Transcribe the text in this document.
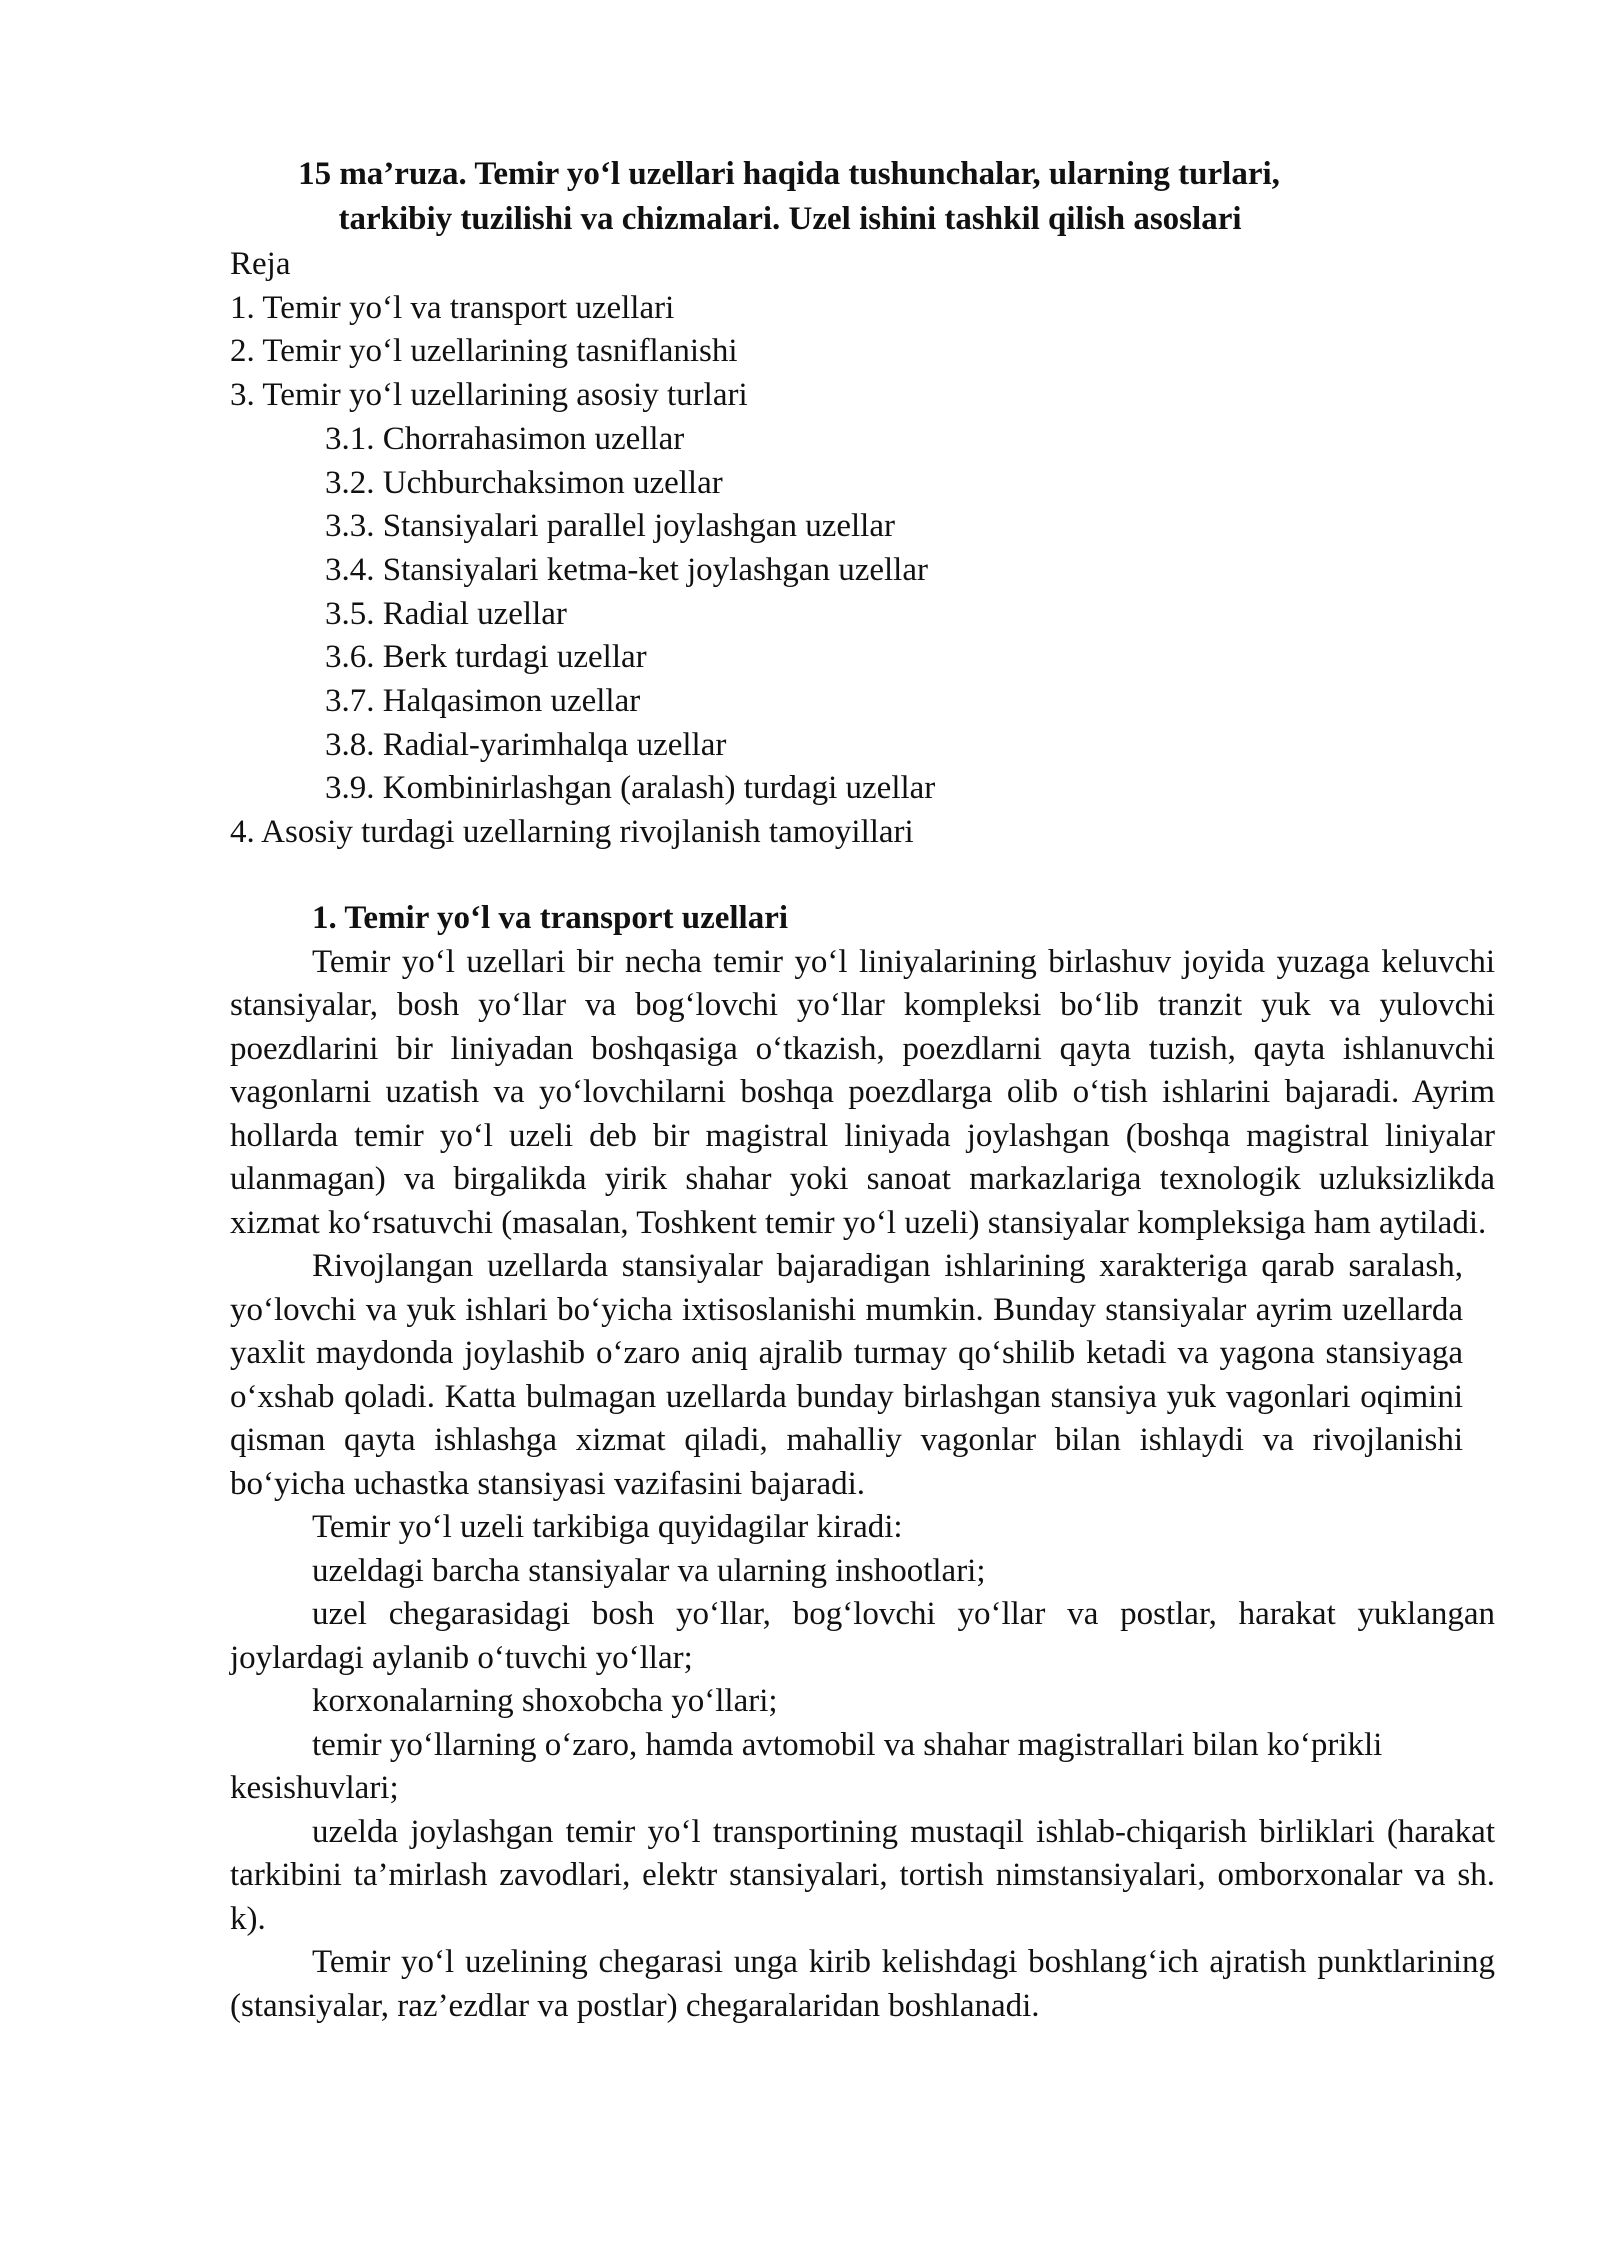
15 ma’ruza. Temir yo‘l uzellari haqida tushunchalar, ularning turlari,
tarkibiy tuzilishi va chizmalari. Uzel ishini tashkil qilish asoslari
Reja
1. Temir yo‘l va transport uzellari
2. Temir yo‘l uzellarining tasniflanishi
3. Temir yo‘l uzellarining asosiy turlari
3.1. Chorrahasimon uzellar
3.2. Uchburchaksimon uzellar
3.3. Stansiyalari parallel joylashgan uzellar
3.4. Stansiyalari ketma-ket joylashgan uzellar
3.5. Radial uzellar
3.6. Berk turdagi uzellar
3.7. Halqasimon uzellar
3.8. Radial-yarimhalqa uzellar
3.9. Kombinirlashgan (aralash) turdagi uzellar
4. Asosiy turdagi uzellarning rivojlanish tamoyillari
1. Temir yo‘l va transport uzellari

Temir yo‘l uzellari bir necha temir yo‘l liniyalarining birlashuv joyida yuzaga keluvchi stansiyalar, bosh yo‘llar va bog‘lovchi yo‘llar kompleksi bo‘lib tranzit yuk va yulovchi poezdlarini bir liniyadan boshqasiga o‘tkazish, poezdlarni qayta tuzish, qayta ishlanuvchi vagonlarni uzatish va yo‘lovchilarni boshqa poezdlarga olib o‘tish ishlarini bajaradi. Ayrim hollarda temir yo‘l uzeli deb bir magistral liniyada joylashgan (boshqa magistral liniyalar ulanmagan) va birgalikda yirik shahar yoki sanoat markazlariga texnologik uzluksizlikda xizmat ko‘rsatuvchi (masalan, Toshkent temir yo‘l uzeli) stansiyalar kompleksiga ham aytiladi.

Rivojlangan uzellarda stansiyalar bajaradigan ishlarining xarakteriga qarab saralash, yo‘lovchi va yuk ishlari bo‘yicha ixtisoslanishi mumkin. Bunday stansiyalar ayrim uzellarda yaxlit maydonda joylashib o‘zaro aniq ajralib turmay qo‘shilib ketadi va yagona stansiyaga o‘xshab qoladi. Katta bulmagan uzellarda bunday birlashgan stansiya yuk vagonlari oqimini qisman qayta ishlashga xizmat qiladi, mahalliy vagonlar bilan ishlaydi va rivojlanishi bo‘yicha uchastka stansiyasi vazifasini bajaradi.

Temir yo‘l uzeli tarkibiga quyidagilar kiradi:

uzeldagi barcha stansiyalar va ularning inshootlari;

uzel chegarasidagi bosh yo‘llar, bog‘lovchi yo‘llar va postlar, harakat yuklangan joylardagi aylanib o‘tuvchi yo‘llar;

korxonalarning shoxobcha yo‘llari;

temir yo‘llarning o‘zaro, hamda avtomobil va shahar magistrallari bilan ko‘prikli kesishuvlari;

uzelda joylashgan temir yo‘l transportining mustaqil ishlab-chiqarish birliklari (harakat tarkibini ta’mirlash zavodlari, elektr stansiyalari, tortish nimstansiyalari, omborxonalar va sh. k).

Temir yo‘l uzelining chegarasi unga kirib kelishdagi boshlang‘ich ajratish punktlarining (stansiyalar, raz’ezdlar va postlar) chegaralaridan boshlanadi.
